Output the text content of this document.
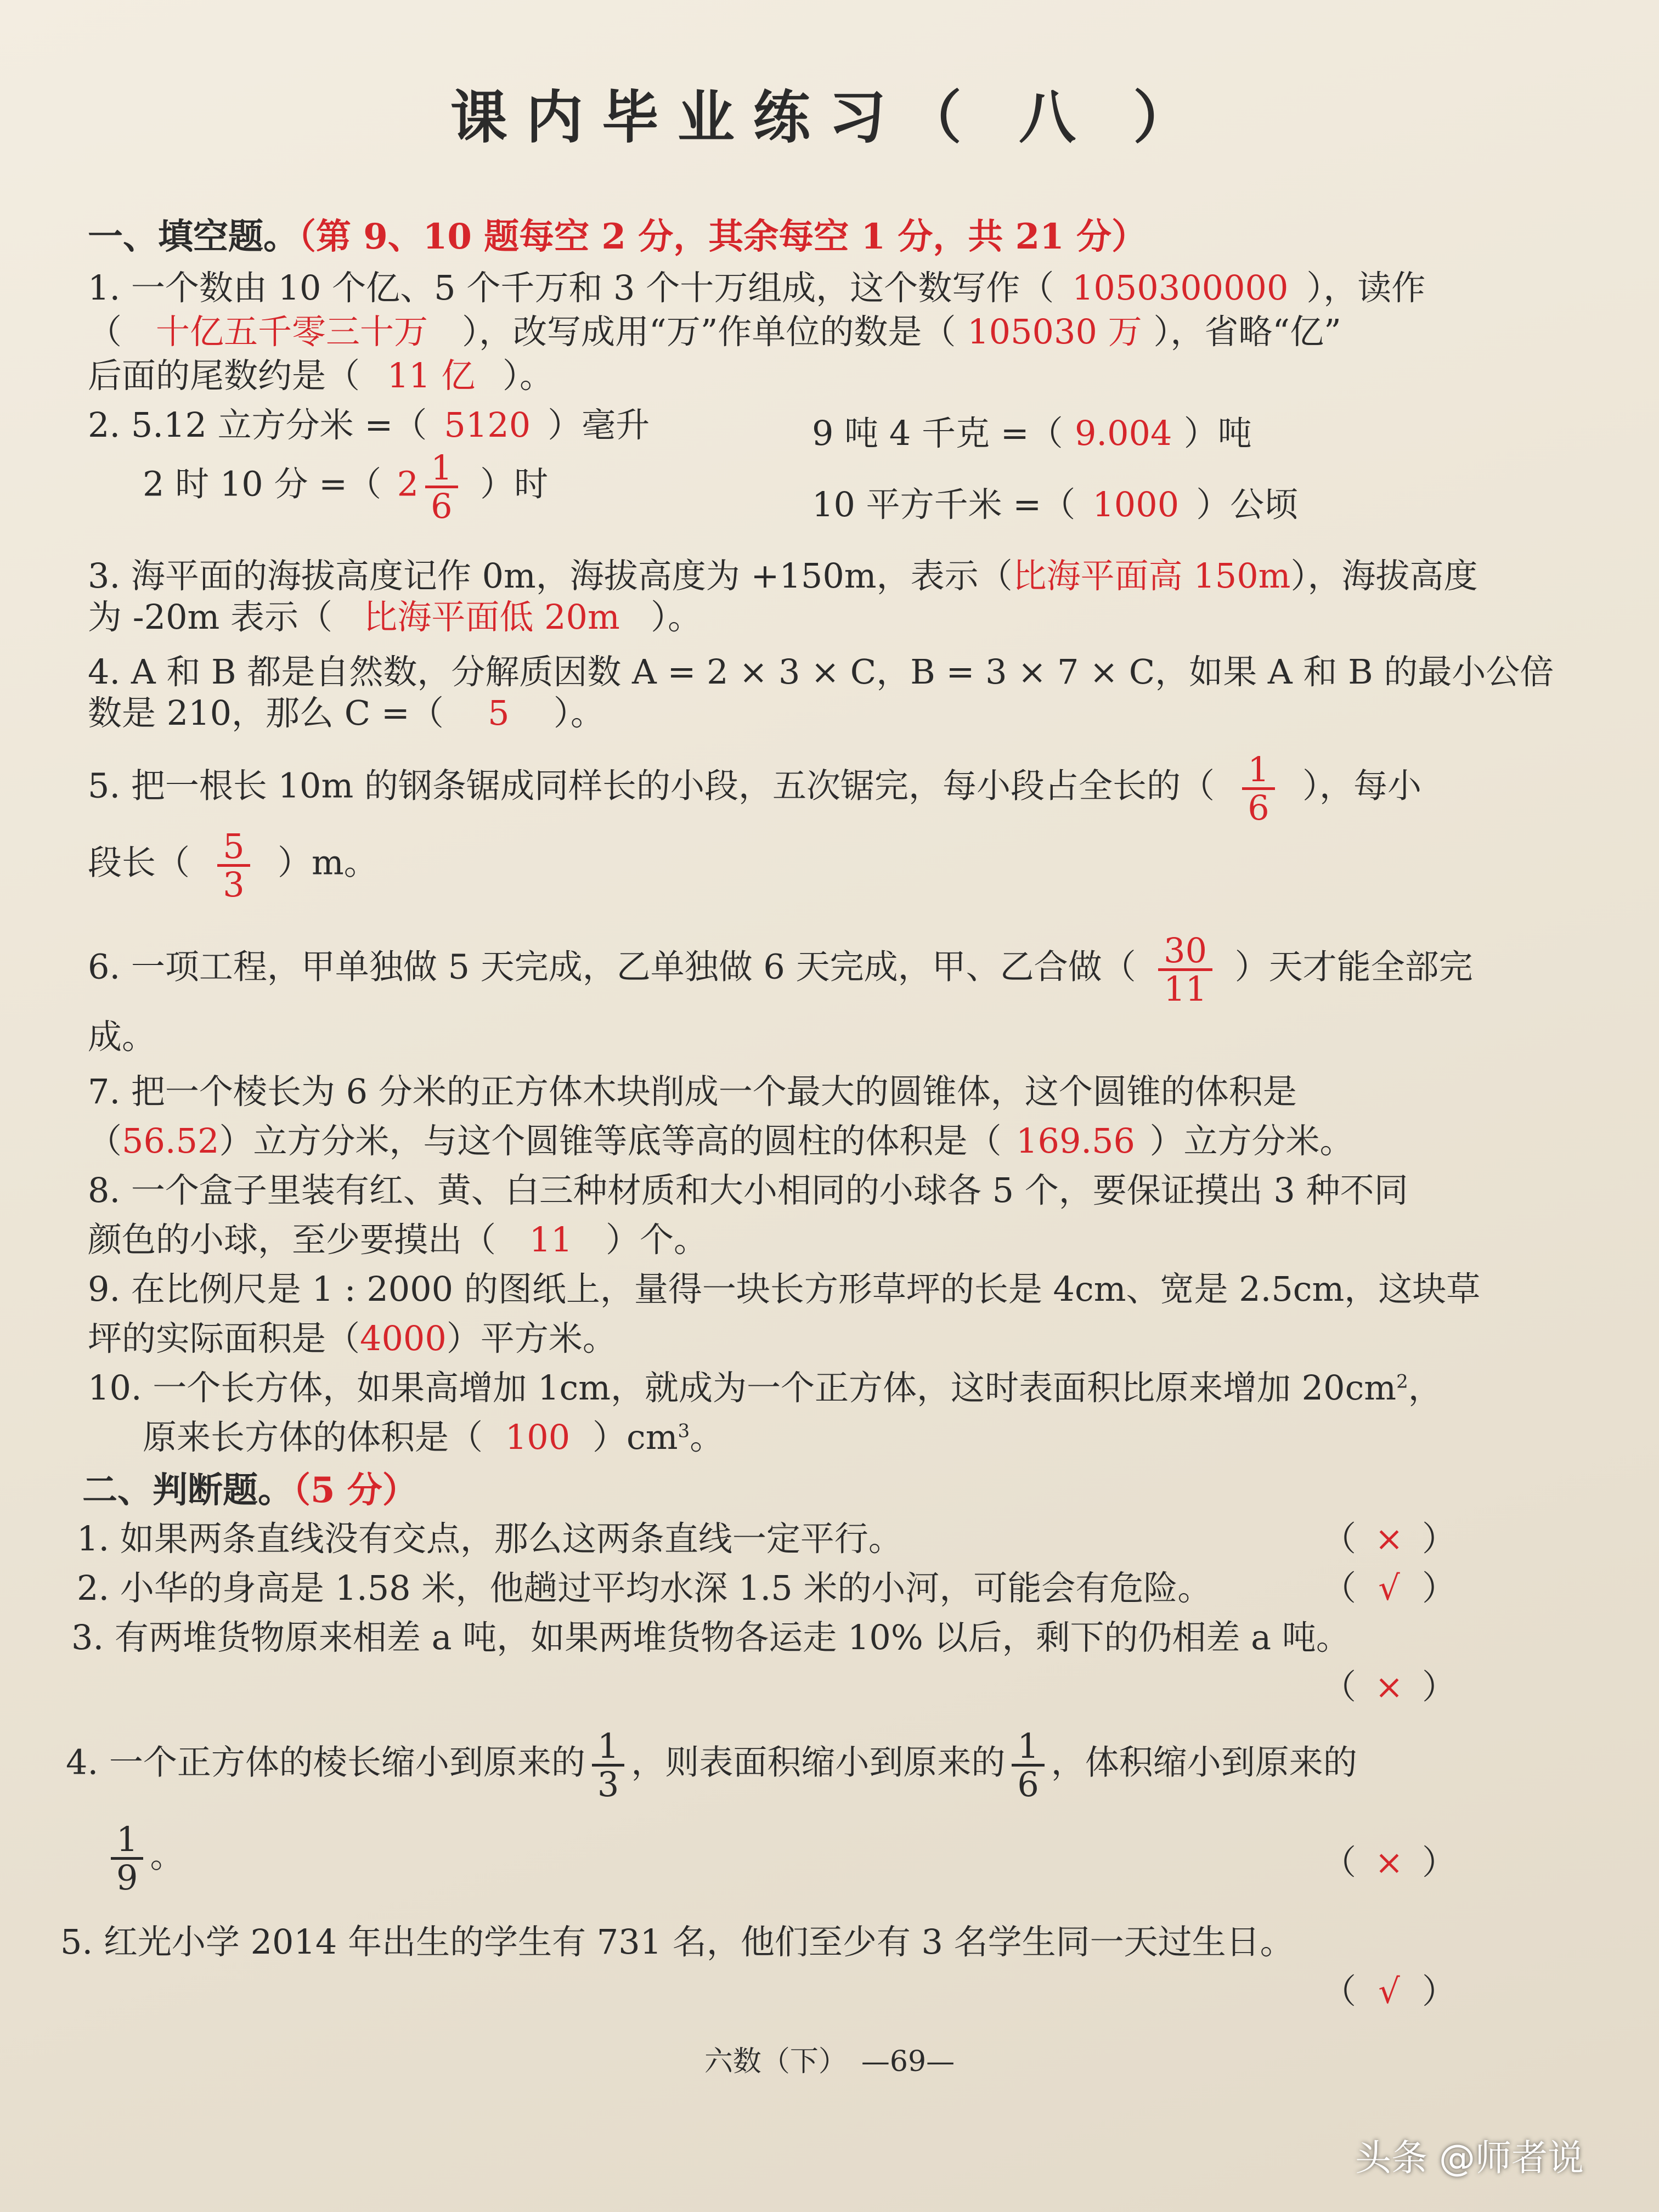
课内毕业练习（ 八 ）
一、填空题。（第 9、10 题每空 2 分，其余每空 1 分，共 21 分）
1. 一个数由 10 个亿、5 个千万和 3 个十万组成，这个数写作（ 1050300000 ），读作
（ 十亿五千零三十万 ），改写成用“万”作单位的数是（ 105030 万 ），省略“亿”
后面的尾数约是（ 11 亿 ）。
2. 5.12 立方分米 =（ 5120 ）毫升	9 吨 4 千克 =（ 9.004 ）吨
2 时 10 分 =（ $2 \frac{1}{6}$ ）时
10 平方千米 =（ 1000 ）公顷
3. 海平面的海拔高度记作 0m，海拔高度为 +150m，表示（比海平面高 150m），海拔高度
为 -20m 表示（ 比海平面低 20m ）。
4. A 和 B 都是自然数，分解质因数 A = 2 × 3 × C，B = 3 × 7 × C，如果 A 和 B 的最小公倍
数是 210，那么 C =（ 5 ）。
5. 把一根长 10m 的钢条锯成同样长的小段，五次锯完，每小段占全长的（ $\frac{1}{6}$ ），每小
段长（ $\frac{5}{3} )m$。
6. 一项工程，甲单独做 5 天完成，乙单独做 6 天完成，甲、乙合做（ $\frac{30}{11}$ ）天才能全部完
成。
7. 把一个棱长为 6 分米的正方体木块削成一个最大的圆锥体，这个圆锥的体积是
（56.52）立方分米，与这个圆锥等底等高的圆柱的体积是（ 169.56 ）立方分米。
8. 一个盒子里装有红、黄、白三种材质和大小相同的小球各 5 个，要保证摸出 3 种不同
颜色的小球，至少要摸出（ 11 ）个。
9. 在比例尺是 1 : 2000 的图纸上，量得一块长方形草坪的长是 4cm、宽是 2.5cm，这块草
坪的实际面积是（4000）平方米。
10. 一个长方体，如果高增加 1cm，就成为一个正方体，这时表面积比原来增加 $20cm^2$，
原来长方体的体积是（ 100 ）$cm^3$。
二、判断题。（5 分）
1. 如果两条直线没有交点，那么这两条直线一定平行。	（ × ）
2. 小华的身高是 1.58 米，他趟过平均水深 1.5 米的小河，可能会有危险。	（ √ ）
3. 有两堆货物原来相差 a 吨，如果两堆货物各运走 10% 以后，剩下的仍相差 a 吨。
（ × ）
4. 一个正方体的棱长缩小到原来的 $\frac{1}{3}$ ，则表面积缩小到原来的 $\frac{1}{6}$ ，体积缩小到原来的
$\frac{1}{9}$ 。	（ × ）
5. 红光小学 2014 年出生的学生有 731 名，他们至少有 3 名学生同一天过生日。
（ √ ）
六数（下）　—69—
头条 @师者说
